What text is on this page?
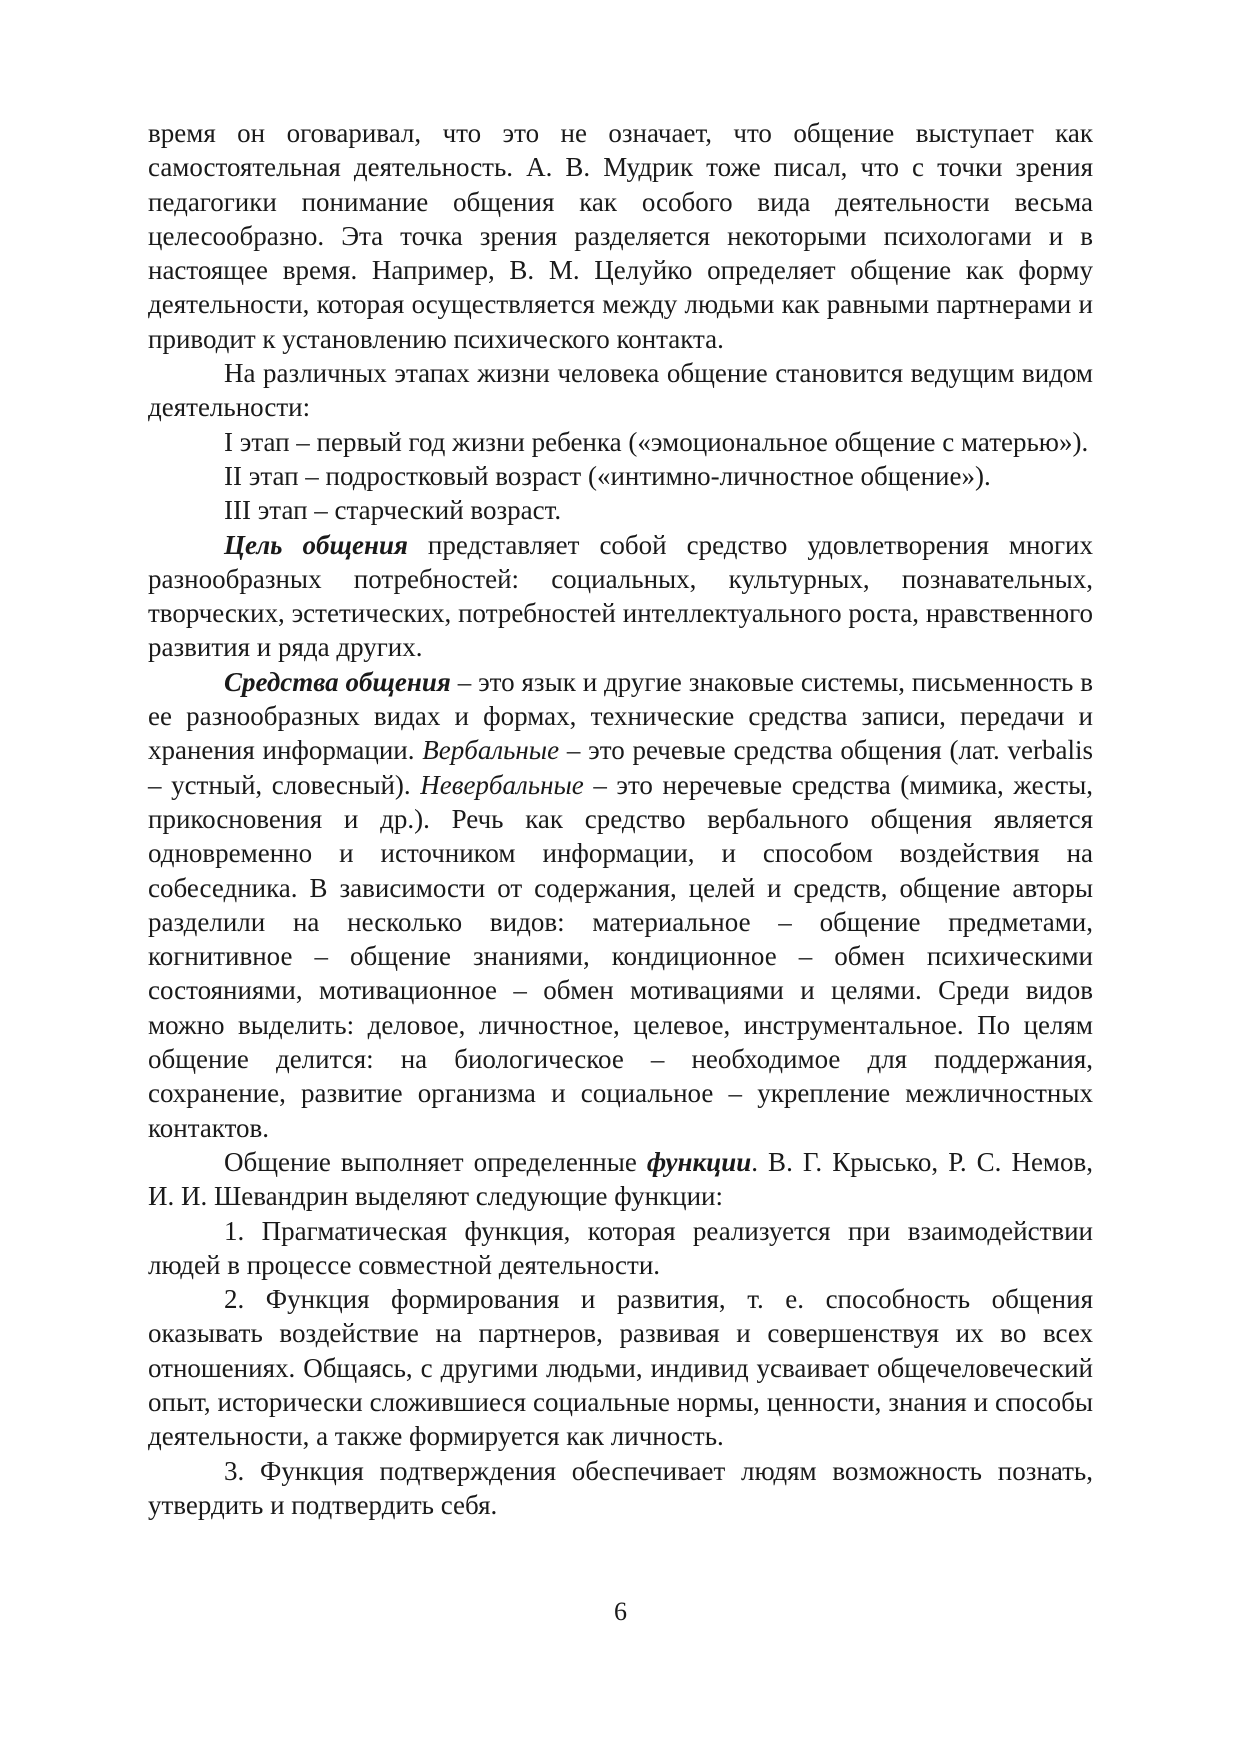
время он оговаривал, что это не означает, что общение выступает как самостоятельная деятельность. А. В. Мудрик тоже писал, что с точки зрения педагогики понимание общения как особого вида деятельности весьма целесообразно. Эта точка зрения разделяется некоторыми психологами и в настоящее время. Например, В. М. Целуйко определяет общение как форму деятельности, которая осуществляется между людьми как равными партнерами и приводит к установлению психического контакта.

На различных этапах жизни человека общение становится ведущим видом деятельности:

I этап – первый год жизни ребенка («эмоциональное общение с матерью»).

II этап – подростковый возраст («интимно-личностное общение»).

III этап – старческий возраст.

Цель общения представляет собой средство удовлетворения многих разнообразных потребностей: социальных, культурных, познавательных, творческих, эстетических, потребностей интеллектуального роста, нравственного развития и ряда других.

Средства общения – это язык и другие знаковые системы, письменность в ее разнообразных видах и формах, технические средства записи, передачи и хранения информации. Вербальные – это речевые средства общения (лат. verbalis – устный, словесный). Невербальные – это неречевые средства (мимика, жесты, прикосновения и др.). Речь как средство вербального общения является одновременно и источником информации, и способом воздействия на собеседника. В зависимости от содержания, целей и средств, общение авторы разделили на несколько видов: материальное – общение предметами, когнитивное – общение знаниями, кондиционное – обмен психическими состояниями, мотивационное – обмен мотивациями и целями. Среди видов можно выделить: деловое, личностное, целевое, инструментальное. По целям общение делится: на биологическое – необходимое для поддержания, сохранение, развитие организма и социальное – укрепление межличностных контактов.

Общение выполняет определенные функции. В. Г. Крысько, Р. С. Немов, И. И. Шевандрин выделяют следующие функции:

1. Прагматическая функция, которая реализуется при взаимодействии людей в процессе совместной деятельности.

2. Функция формирования и развития, т. е. способность общения оказывать воздействие на партнеров, развивая и совершенствуя их во всех отношениях. Общаясь, с другими людьми, индивид усваивает общечеловеческий опыт, исторически сложившиеся социальные нормы, ценности, знания и способы деятельности, а также формируется как личность.

3. Функция подтверждения обеспечивает людям возможность познать, утвердить и подтвердить себя.

6
